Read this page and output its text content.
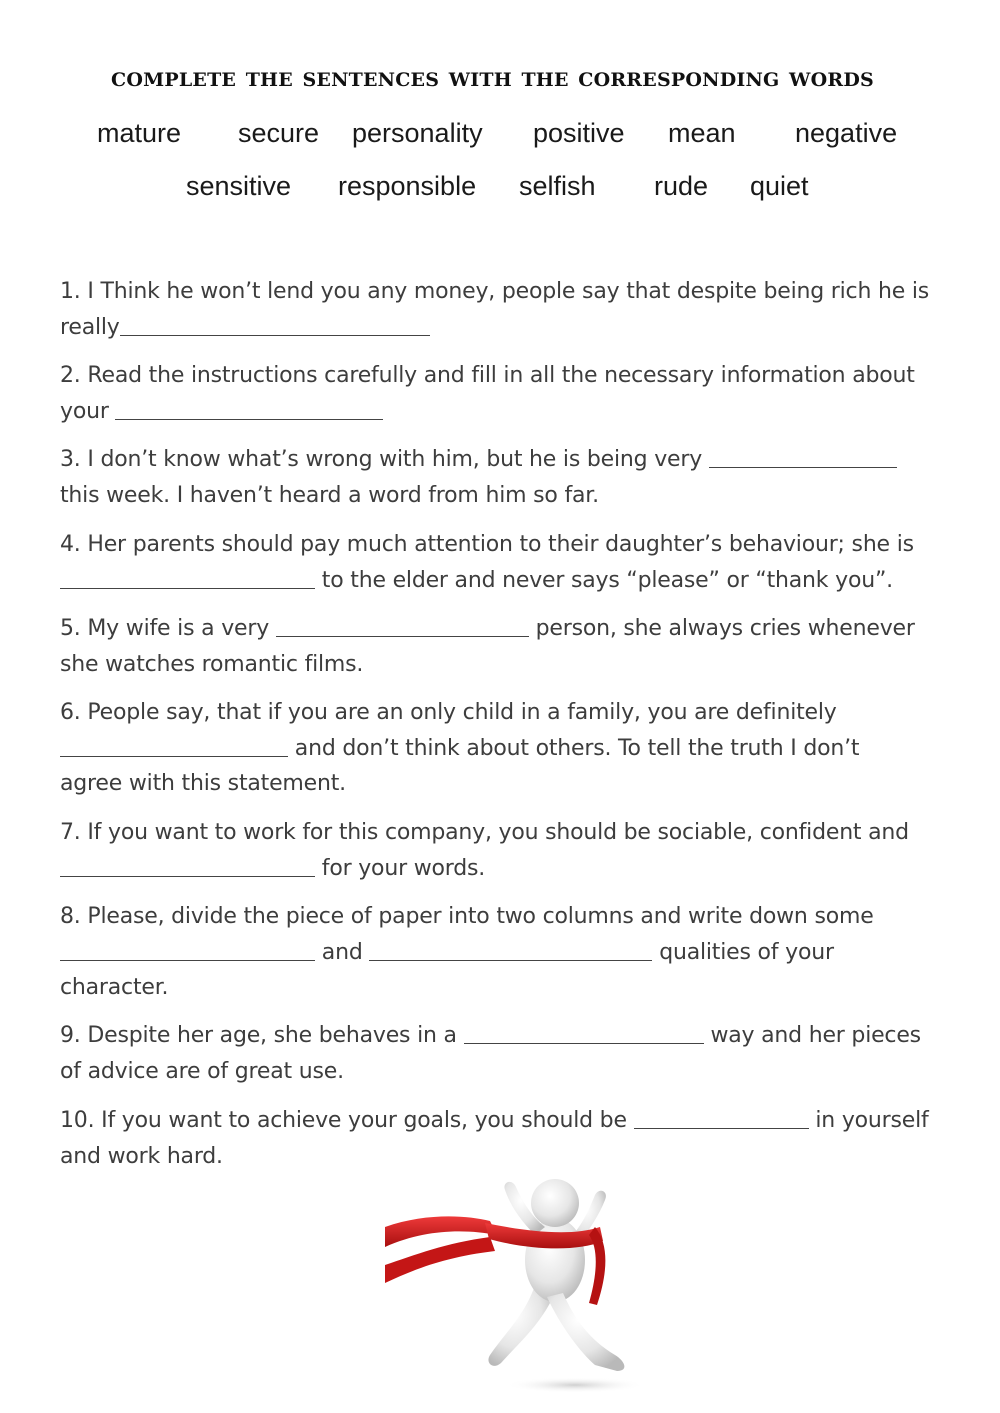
complete the sentences with the corresponding words
mature secure personality positive mean negative
sensitive responsible selfish rude quiet
1. I Think he won’t lend you any money, people say that despite being rich he is
really
2. Read the instructions carefully and fill in all the necessary information about
your
3. I don’t know what’s wrong with him, but he is being very
this week. I haven’t heard a word from him so far.
4. Her parents should pay much attention to their daughter’s behaviour; she is
to the elder and never says “please” or “thank you”.
5. My wife is a very	person, she always cries whenever
she watches romantic films.
6. People say, that if you are an only child in a family, you are definitely
and don’t think about others. To tell the truth I don’t
agree with this statement.
7. If you want to work for this company, you should be sociable, confident and
for your words.
8. Please, divide the piece of paper into two columns and write down some
and	qualities of your
character.
9. Despite her age, she behaves in a	way and her pieces
of advice are of great use.
10. If you want to achieve your goals, you should be	in yourself
and work hard.
